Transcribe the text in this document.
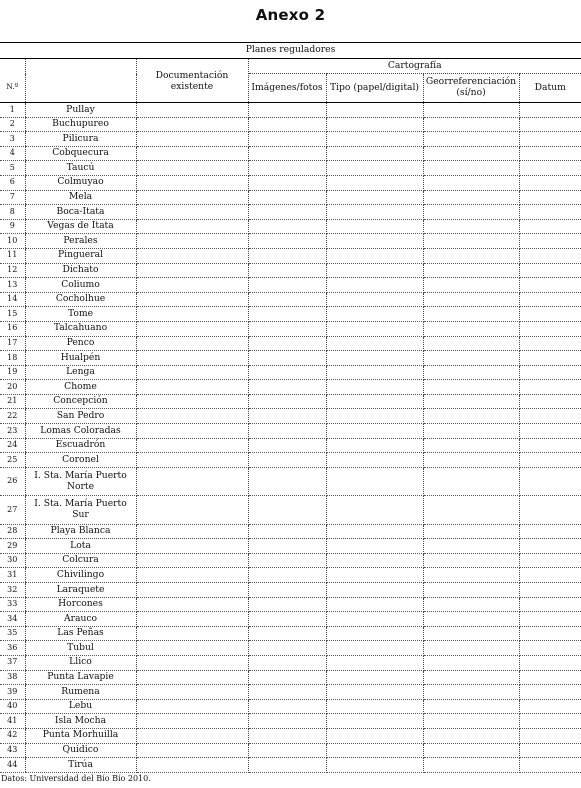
Anexo 2
Planes reguladores						
		Documentación existente	Cartografía			
N.º			Imágenes/fotos	Tipo (papel/digital)	Georreferenciación (sí/no)	Datum
1	Pullay					
2	Buchupureo					
3	Pilicura					
4	Cobquecura					
5	Taucú					
6	Colmuyao					
7	Mela					
8	Boca-Itata					
9	Vegas de Itata					
10	Perales					
11	Pingueral					
12	Dichato					
13	Coliumo					
14	Cocholhue					
15	Tome					
16	Talcahuano					
17	Penco					
18	Hualpén					
19	Lenga					
20	Chome					
21	Concepción					
22	San Pedro					
23	Lomas Coloradas					
24	Escuadrón					
25	Coronel					
26	I. Sta. María Puerto Norte					
27	I. Sta. María Puerto Sur					
28	Playa Blanca					
29	Lota					
30	Colcura					
31	Chivilingo					
32	Laraquete					
33	Horcones					
34	Arauco					
35	Las Peñas					
36	Tubul					
37	Llico					
38	Punta Lavapie					
39	Rumena					
40	Lebu					
41	Isla Mocha					
42	Punta Morhuilla					
43	Quidico					
44	Tirúa					
Datos: Universidad del Bío Bío 2010.
